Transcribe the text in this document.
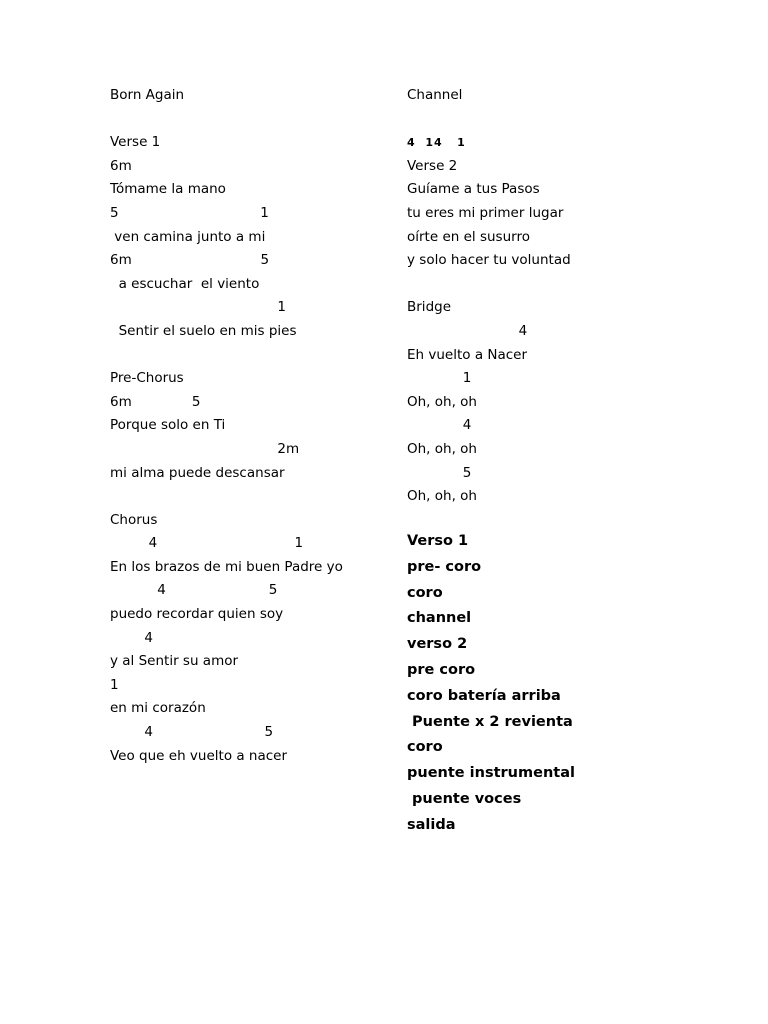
Born Again
Verse 1
6m
Tómame la mano
5                                 1
ven camina junto a mi
6m                              5
a escuchar  el viento
1
Sentir el suelo en mis pies
Pre-Chorus
6m              5
Porque solo en Ti
2m
mi alma puede descansar
Chorus
4                                1
En los brazos de mi buen Padre yo
4                        5
puedo recordar quien soy
4
y al Sentir su amor
1
en mi corazón
4                          5
Veo que eh vuelto a nacer
Channel
4  14   1
Verse 2
Guíame a tus Pasos
tu eres mi primer lugar
oírte en el susurro
y solo hacer tu voluntad
Bridge
4
Eh vuelto a Nacer
1
Oh, oh, oh
4
Oh, oh, oh
5
Oh, oh, oh
Verso 1
pre- coro
coro
channel
verso 2
pre coro
coro batería arriba
Puente x 2 revienta
coro
puente instrumental
puente voces
salida
